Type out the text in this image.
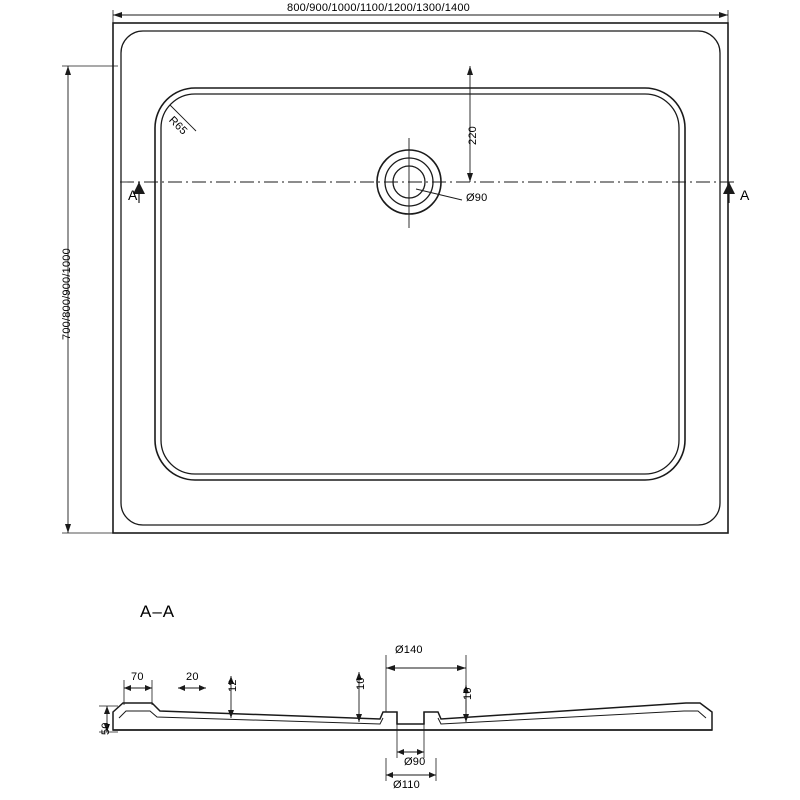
800/900/1000/1100/1200/1300/1400
700/800/900/1000
220
Ø90
R65
A	A
A–A
Ø140
Ø90
Ø110
70	20
12	10
10
50
